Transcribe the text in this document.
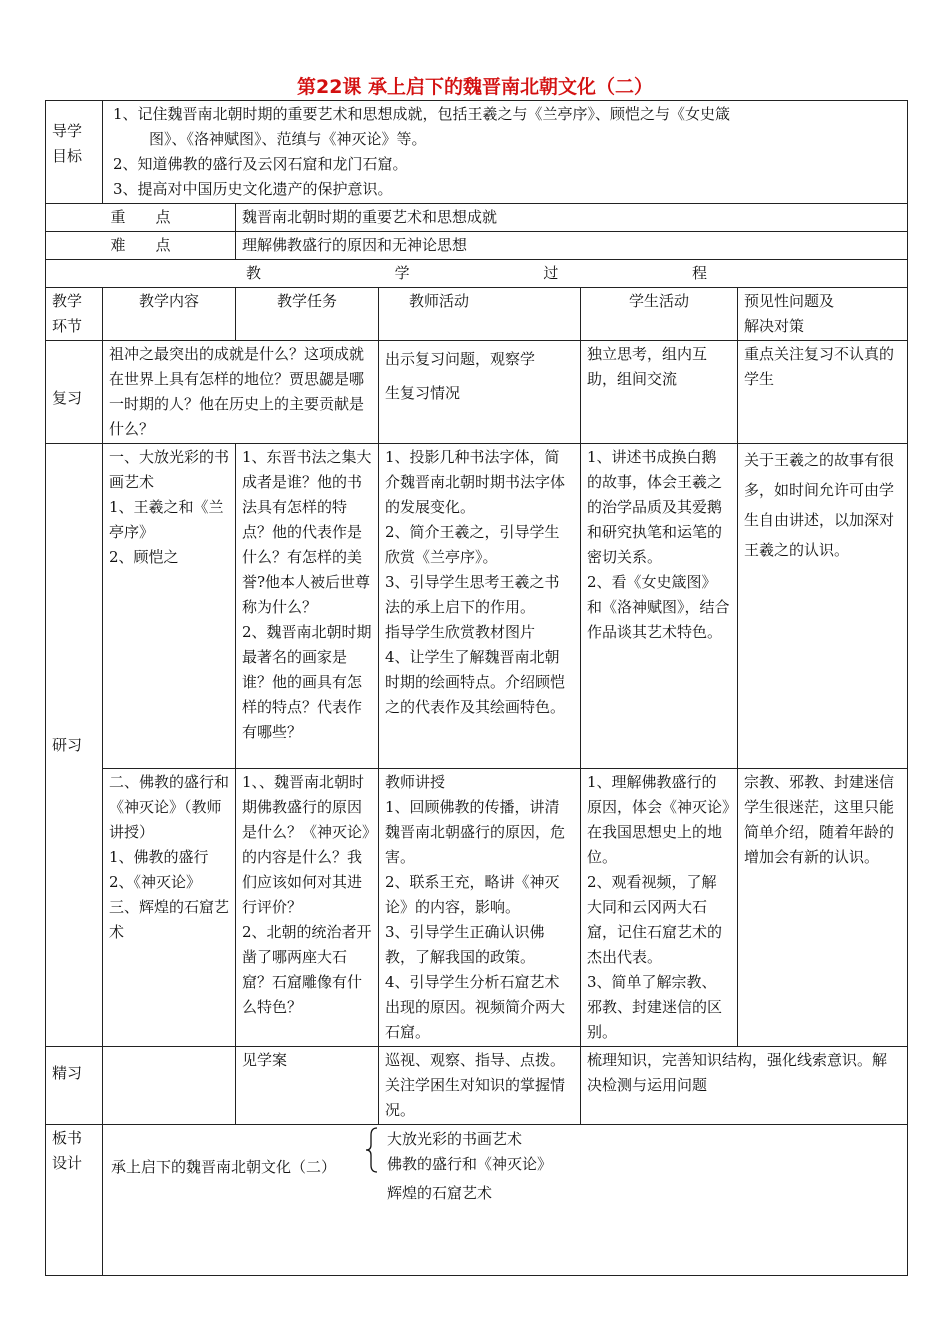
第22课 承上启下的魏晋南北朝文化（二）
导学目标	1、记住魏晋南北朝时期的重要艺术和思想成就，包括王羲之与《兰亭序》、顾恺之与《女史箴
图》、《洛神赋图》、范缜与《神灭论》等。
2、知道佛教的盛行及云冈石窟和龙门石窟。
3、提高对中国历史文化遗产的保护意识。				

重　　点		魏晋南北朝时期的重要艺术和思想成就			
难　　点		理解佛教盛行的原因和无神论思想			
教学过程					
教学
环节	教学内容	教学任务	教师活动	学生活动	预见性问题及
解决对策
复习	祖冲之最突出的成就是什么？这项成就在世界上具有怎样的地位？贾思勰是哪一时期的人？他在历史上的主要贡献是什么？		出示复习问题，观察学
生复习情况	独立思考，组内互助，组间交流	重点关注复习不认真的学生
研习	一、大放光彩的书画艺术
1、王羲之和《兰亭序》
2、顾恺之	1、东晋书法之集大成者是谁？他的书法具有怎样的特点？他的代表作是什么？有怎样的美誉?他本人被后世尊称为什么？
2、魏晋南北朝时期最著名的画家是谁？他的画具有怎样的特点？代表作有哪些？	1、投影几种书法字体，简介魏晋南北朝时期书法字体的发展变化。
2、简介王羲之，引导学生欣赏《兰亭序》。
3、引导学生思考王羲之书法的承上启下的作用。
指导学生欣赏教材图片
4、让学生了解魏晋南北朝时期的绘画特点。介绍顾恺之的代表作及其绘画特色。	1、讲述书成换白鹅的故事，体会王羲之的治学品质及其爱鹅和研究执笔和运笔的密切关系。
2、看《女史箴图》和《洛神赋图》，结合作品谈其艺术特色。	关于王羲之的故事有很多，如时间允许可由学生自由讲述，以加深对王羲之的认识。
	二、佛教的盛行和《神灭论》（教师讲授）
1、佛教的盛行
2、《神灭论》
三、辉煌的石窟艺术	1、、魏晋南北朝时期佛教盛行的原因是什么？《神灭论》的内容是什么？我们应该如何对其进行评价？
2、北朝的统治者开凿了哪两座大石窟？石窟雕像有什么特色？	教师讲授
1、回顾佛教的传播，讲清魏晋南北朝盛行的原因，危害。
2、联系王充，略讲《神灭论》的内容，影响。
3、引导学生正确认识佛教，了解我国的政策。
4、引导学生分析石窟艺术出现的原因。视频简介两大石窟。	1、理解佛教盛行的原因，体会《神灭论》在我国思想史上的地位。
2、观看视频，了解大同和云冈两大石窟，记住石窟艺术的杰出代表。
3、简单了解宗教、邪教、封建迷信的区别。	宗教、邪教、封建迷信学生很迷茫，这里只能简单介绍，随着年龄的增加会有新的认识。
精习		见学案	巡视、观察、指导、点拨。关注学困生对知识的掌握情况。	梳理知识，完善知识结构，强化线索意识。解决检测与运用问题	
板书
设计	承上启下的魏晋南北朝文化（二）

大放光彩的书画艺术

佛教的盛行和《神灭论》

辉煌的石窟艺术				
